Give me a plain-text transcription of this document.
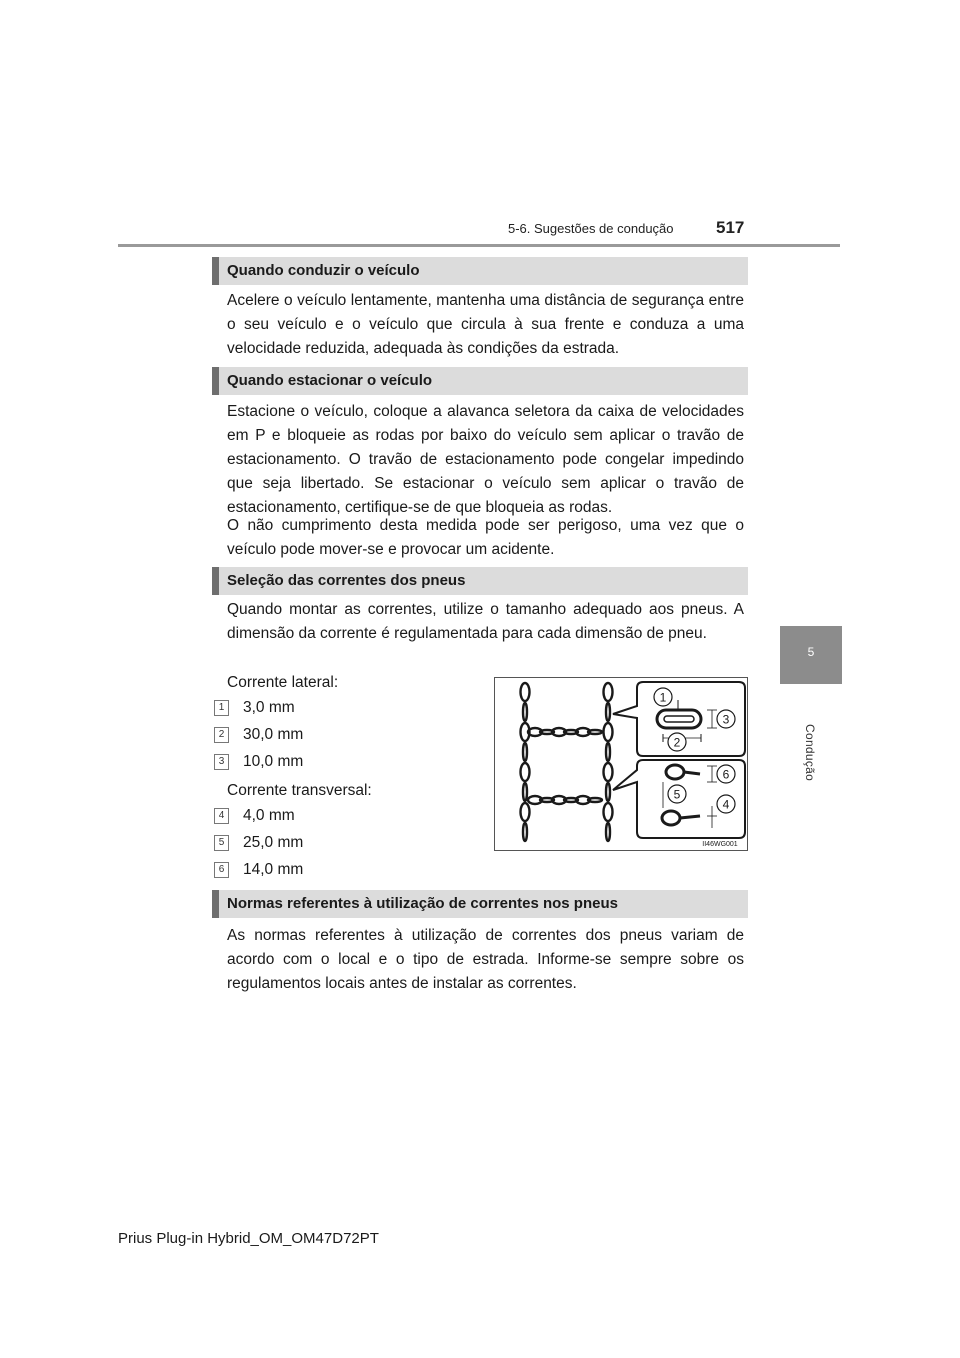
5-6. Sugestões de condução 517
5
Condução
Quando conduzir o veículo

Acelere o veículo lentamente, mantenha uma distância de segurança entre o seu veículo e o veículo que circula à sua frente e conduza a uma velocidade reduzida, adequada às condições da estrada.

Quando estacionar o veículo

Estacione o veículo, coloque a alavanca seletora da caixa de velocidades em P e bloqueie as rodas por baixo do veículo sem aplicar o travão de estacionamento. O travão de estacionamento pode congelar impedindo que seja libertado. Se estacionar o veículo sem aplicar o travão de estacionamento, certifique-se de que bloqueia as rodas.

O não cumprimento desta medida pode ser perigoso, uma vez que o veículo pode mover-se e provocar um acidente.

Seleção das correntes dos pneus

Quando montar as correntes, utilize o tamanho adequado aos pneus. A dimensão da corrente é regulamentada para cada dimensão de pneu.

Corrente lateral:
1	3,0 mm
2	30,0 mm
3	10,0 mm
Corrente transversal:
4	4,0 mm
5	25,0 mm
6	14,0 mm
1
2
3
4
5
6
II46WG001
Normas referentes à utilização de correntes nos pneus

As normas referentes à utilização de correntes dos pneus variam de acordo com o local e o tipo de estrada. Informe-se sempre sobre os regulamentos locais antes de instalar as correntes.

Prius Plug-in Hybrid_OM_OM47D72PT
